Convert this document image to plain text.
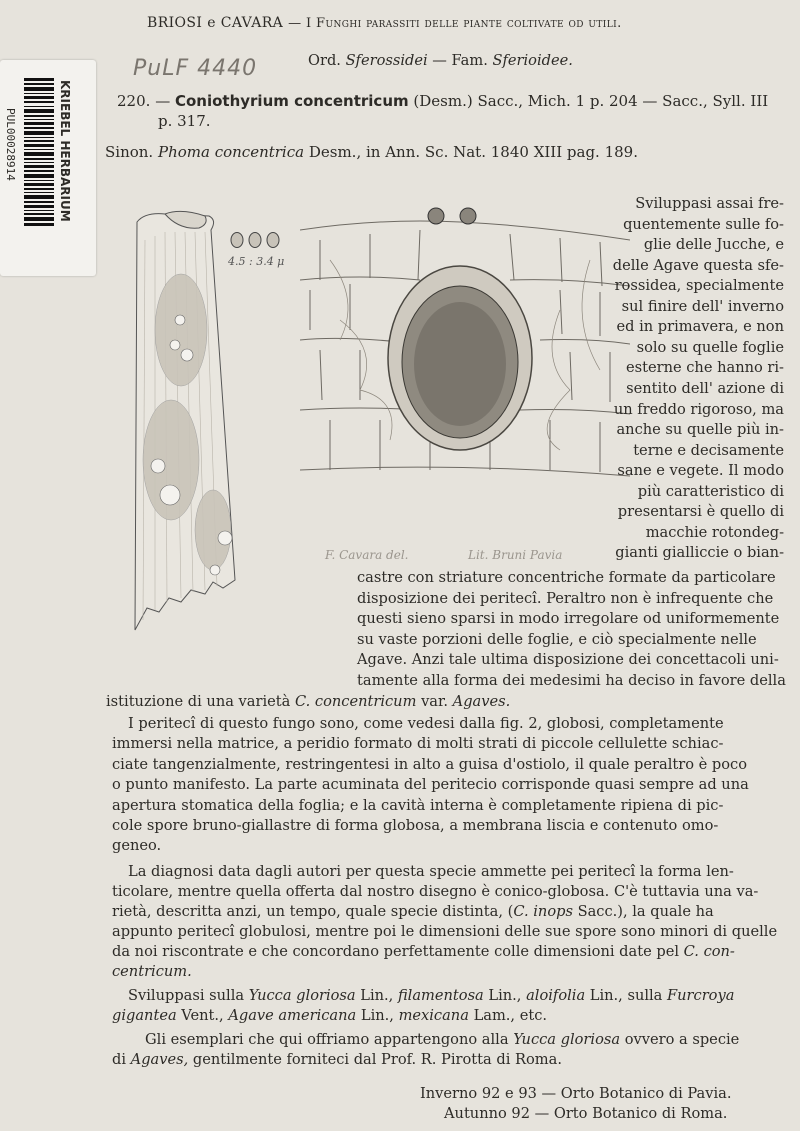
KRIEBEL HERBARIUM
PUL00028914
PuLF 4440
BRIOSI e CAVARA — I Funghi parassiti delle piante coltivate od utili.
Ord. Sferossidei — Fam. Sferioidee.
220. — Coniothyrium concentricum (Desm.) Sacc., Mich. 1 p. 204 — Sacc., Syll. III
p. 317.
Sinon. Phoma concentrica Desm., in Ann. Sc. Nat. 1840 XIII pag. 189.
4.5 : 3.4 μ
F. Cavara del.	Lit. Bruni Pavia
Sviluppasi assai fre-
quentemente sulle fo-
glie delle Jucche, e
delle Agave questa sfe-
rossidea, specialmente
sul finire dell' inverno
ed in primavera, e non
solo su quelle foglie
esterne che hanno ri-
sentito dell' azione di
un freddo rigoroso, ma
anche su quelle più in-
terne e decisamente
sane e vegete. Il modo
più caratteristico di
presentarsi è quello di
macchie rotondeg-
gianti gialliccie o bian-
castre con striature concentriche formate da particolare
disposizione dei peritecî. Peraltro non è infrequente che
questi sieno sparsi in modo irregolare od uniformemente
su vaste porzioni delle foglie, e ciò specialmente nelle
Agave. Anzi tale ultima disposizione dei concettacoli uni-
tamente alla forma dei medesimi ha deciso in favore della
istituzione di una varietà C. concentricum var. Agaves.
I peritecî di questo fungo sono, come vedesi dalla fig. 2, globosi, completamente
immersi nella matrice, a peridio formato di molti strati di piccole cellulette schiac-
ciate tangenzialmente, restringentesi in alto a guisa d'ostiolo, il quale peraltro è poco
o punto manifesto. La parte acuminata del peritecio corrisponde quasi sempre ad una
apertura stomatica della foglia; e la cavità interna è completamente ripiena di pic-
cole spore bruno-giallastre di forma globosa, a membrana liscia e contenuto omo-
geneo.
La diagnosi data dagli autori per questa specie ammette pei peritecî la forma len-
ticolare, mentre quella offerta dal nostro disegno è conico-globosa. C'è tuttavia una va-
rietà, descritta anzi, un tempo, quale specie distinta, (C. inops Sacc.), la quale ha
appunto peritecî globulosi, mentre poi le dimensioni delle sue spore sono minori di quelle
da noi riscontrate e che concordano perfettamente colle dimensioni date pel C. con-
centricum.
Sviluppasi sulla Yucca gloriosa Lin., filamentosa Lin., aloifolia Lin., sulla Furcroya
gigantea Vent., Agave americana Lin., mexicana Lam., etc.
Gli esemplari che qui offriamo appartengono alla Yucca gloriosa ovvero a specie
di Agaves, gentilmente forniteci dal Prof. R. Pirotta di Roma.
Inverno 92 e 93 — Orto Botanico di Pavia.
Autunno 92 — Orto Botanico di Roma.
